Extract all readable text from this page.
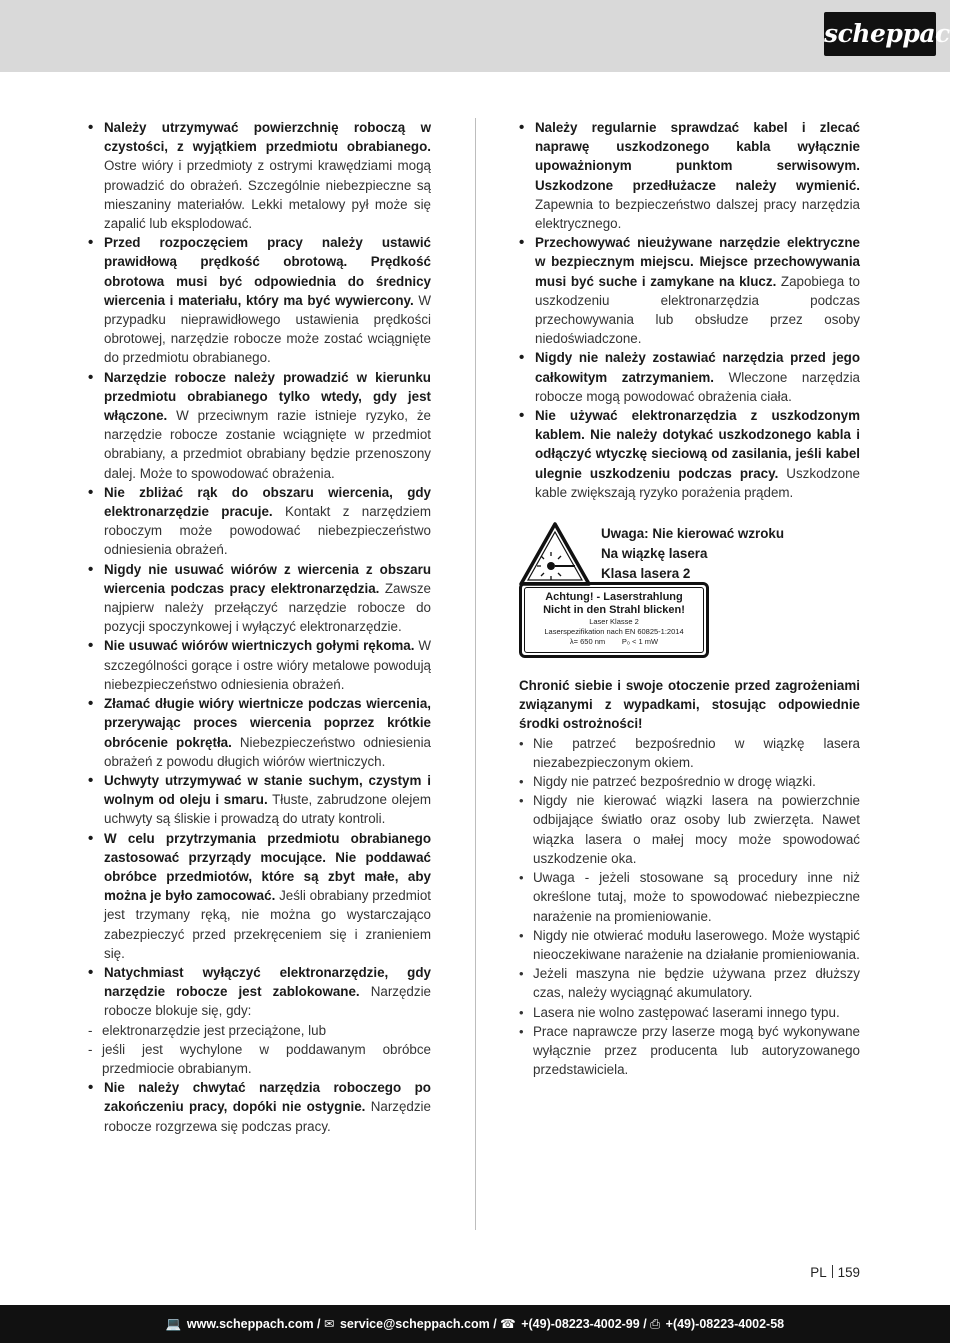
scheppach
• Należy utrzymywać powierzchnię roboczą w czystości, z wyjątkiem przedmiotu obrabianego. Ostre wióry i przedmioty z ostrymi krawędziami mogą prowadzić do obrażeń. Szczególnie niebezpieczne są mieszaniny materiałów. Lekki metalowy pył może się zapalić lub eksplodować.
• Przed rozpoczęciem pracy należy ustawić prawidłową prędkość obrotową. Prędkość obrotowa musi być odpowiednia do średnicy wiercenia i materiału, który ma być wywiercony. W przypadku nieprawidłowego ustawienia prędkości obrotowej, narzędzie robocze może zostać wciągnięte do przedmiotu obrabianego.
• Narzędzie robocze należy prowadzić w kierunku przedmiotu obrabianego tylko wtedy, gdy jest włączone. W przeciwnym razie istnieje ryzyko, że narzędzie robocze zostanie wciągnięte w przedmiot obrabiany, a przedmiot obrabiany będzie przenoszony dalej. Może to spowodować obrażenia.
• Nie zbliżać rąk do obszaru wiercenia, gdy elektronarzędzie pracuje. Kontakt z narzędziem roboczym może powodować niebezpieczeństwo odniesienia obrażeń.
• Nigdy nie usuwać wiórów z wiercenia z obszaru wiercenia podczas pracy elektronarzędzia. Zawsze najpierw należy przełączyć narzędzie robocze do pozycji spoczynkowej i wyłączyć elektronarzędzie.
• Nie usuwać wiórów wiertniczych gołymi rękoma. W szczególności gorące i ostre wióry metalowe powodują niebezpieczeństwo odniesienia obrażeń.
• Złamać długie wióry wiertnicze podczas wiercenia, przerywając proces wiercenia poprzez krótkie obrócenie pokrętła. Niebezpieczeństwo odniesienia obrażeń z powodu długich wiórów wiertniczych.
• Uchwyty utrzymywać w stanie suchym, czystym i wolnym od oleju i smaru. Tłuste, zabrudzone olejem uchwyty są śliskie i prowadzą do utraty kontroli.
• W celu przytrzymania przedmiotu obrabianego zastosować przyrządy mocujące. Nie poddawać obróbce przedmiotów, które są zbyt małe, aby można je było zamocować. Jeśli obrabiany przedmiot jest trzymany ręką, nie można go wystarczająco zabezpieczyć przed przekręceniem się i zranieniem się.
• Natychmiast wyłączyć elektronarzędzie, gdy narzędzie robocze jest zablokowane. Narzędzie robocze blokuje się, gdy:
- elektronarzędzie jest przeciążone, lub
- jeśli jest wychylone w poddawanym obróbce przedmiocie obrabianym.
• Nie należy chwytać narzędzia roboczego po zakończeniu pracy, dopóki nie ostygnie. Narzędzie robocze rozgrzewa się podczas pracy.
• Należy regularnie sprawdzać kabel i zlecać naprawę uszkodzonego kabla wyłącznie upoważnionym punktom serwisowym. Uszkodzone przedłużacze należy wymienić. Zapewnia to bezpieczeństwo dalszej pracy narzędzia elektrycznego.
• Przechowywać nieużywane narzędzie elektryczne w bezpiecznym miejscu. Miejsce przechowywania musi być suche i zamykane na klucz. Zapobiega to uszkodzeniu elektronarzędzia podczas przechowywania lub obsłudze przez osoby niedoświadczone.
• Nigdy nie należy zostawiać narzędzia przed jego całkowitym zatrzymaniem. Wleczone narzędzia robocze mogą powodować obrażenia ciała.
• Nie używać elektronarzędzia z uszkodzonym kablem. Nie należy dotykać uszkodzonego kabla i odłączyć wtyczkę sieciową od zasilania, jeśli kabel ulegnie uszkodzeniu podczas pracy. Uszkodzone kable zwiększają ryzyko porażenia prądem.
Uwaga: Nie kierować wzroku
Na wiązkę lasera
Klasa lasera 2
Achtung! - Laserstrahlung
Nicht in den Strahl blicken!
Laser Klasse 2
Laserspezifikation nach EN 60825-1:2014
λ= 650 nm P₀ < 1 mW
Chronić siebie i swoje otoczenie przed zagrożeniami związanymi z wypadkami, stosując odpowiednie środki ostrożności!
• Nie patrzeć bezpośrednio w wiązkę lasera niezabezpieczonym okiem.
• Nigdy nie patrzeć bezpośrednio w drogę wiązki.
• Nigdy nie kierować wiązki lasera na powierzchnie odbijające światło oraz osoby lub zwierzęta. Nawet wiązka lasera o małej mocy może spowodować uszkodzenie oka.
• Uwaga - jeżeli stosowane są procedury inne niż określone tutaj, może to spowodować niebezpieczne narażenie na promieniowanie.
• Nigdy nie otwierać modułu laserowego. Może wystąpić nieoczekiwane narażenie na działanie promieniowania.
• Jeżeli maszyna nie będzie używana przez dłuższy czas, należy wyciągnąć akumulatory.
• Lasera nie wolno zastępować laserami innego typu.
• Prace naprawcze przy laserze mogą być wykonywane wyłącznie przez producenta lub autoryzowanego przedstawiciela.
PL 159
💻 www.scheppach.com / ✉ service@scheppach.com / ☎ +(49)-08223-4002-99 / ⎙ +(49)-08223-4002-58
